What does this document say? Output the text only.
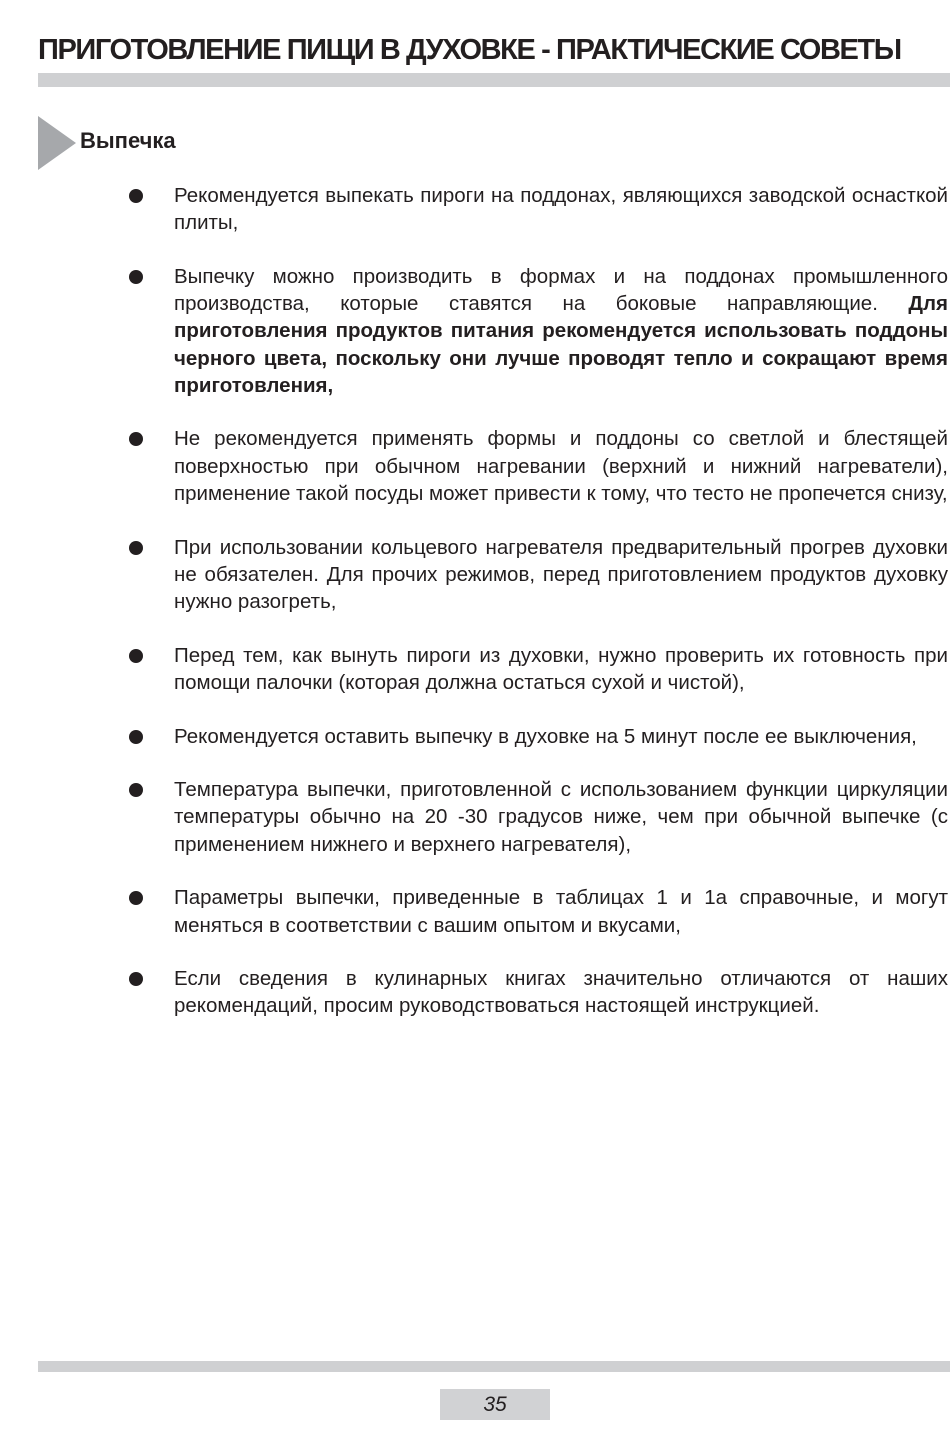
ПРИГОТОВЛЕНИЕ ПИЩИ В ДУХОВКЕ - ПРАКТИЧЕСКИЕ СОВЕТЫ
Выпечка
Рекомендуется выпекать пироги на поддонах, являющихся заводской оснасткой плиты,
Выпечку можно производить в формах и на поддонах промышленного производства, которые ставятся на боковые направляющие. Для приготовления продуктов питания рекомендуется использовать поддоны черного цвета, поскольку они лучше проводят тепло и сокращают время приготовления,
Не рекомендуется применять формы и поддоны со светлой и блестящей поверхностью при обычном нагревании (верхний и нижний нагреватели), применение такой посуды может привести к тому, что тесто не пропечется снизу,
При использовании кольцевого нагревателя предварительный прогрев духовки не обязателен. Для прочих режимов, перед приготовлением продуктов духовку нужно разогреть,
Перед тем, как вынуть пироги из духовки, нужно проверить их готовность при помощи палочки (которая должна остаться сухой и чистой),
Рекомендуется оставить выпечку в духовке на 5 минут после ее выключения,
Температура выпечки, приготовленной с использованием функции циркуляции температуры обычно на 20 -30 градусов ниже, чем при обычной выпечке (с применением нижнего и верхнего нагревателя),
Параметры выпечки, приведенные в таблицах 1 и 1а справочные, и могут меняться в соответствии с вашим опытом и вкусами,
Если сведения в кулинарных книгах значительно отличаются от наших рекомендаций, просим руководствоваться настоящей инструкцией.
35
